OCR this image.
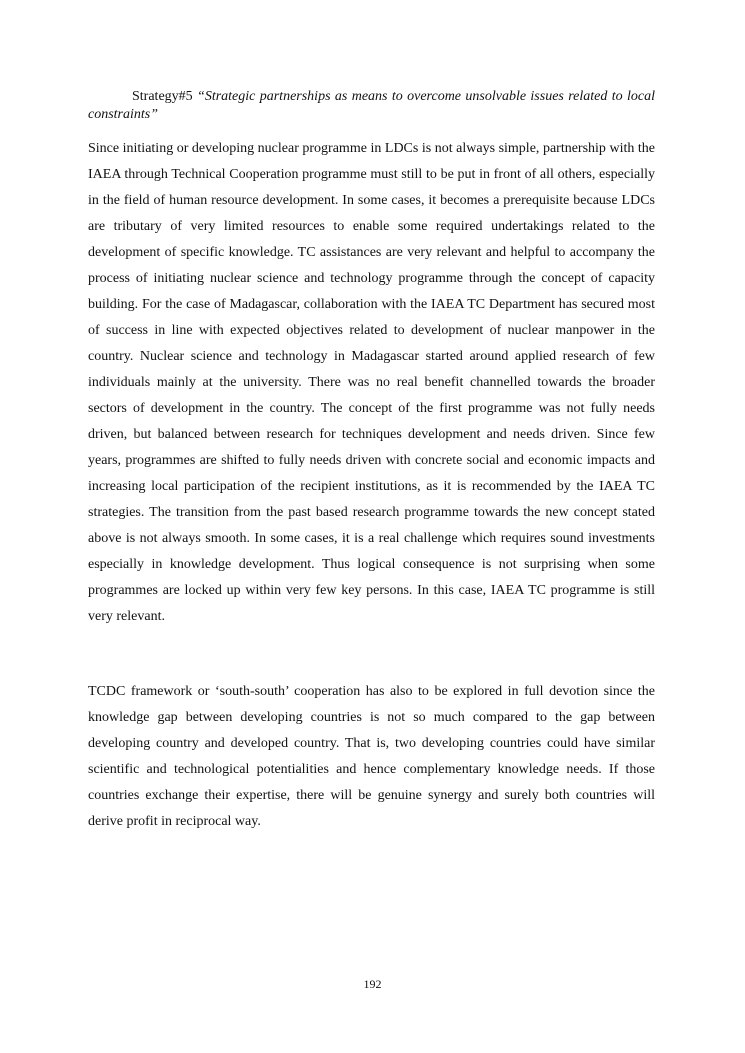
Strategy#5 “Strategic partnerships as means to overcome unsolvable issues related to local constraints”

Since initiating or developing nuclear programme in LDCs is not always simple, partnership with the IAEA through Technical Cooperation programme must still to be put in front of all others, especially in the field of human resource development. In some cases, it becomes a prerequisite because LDCs are tributary of very limited resources to enable some required undertakings related to the development of specific knowledge. TC assistances are very relevant and helpful to accompany the process of initiating nuclear science and technology programme through the concept of capacity building. For the case of Madagascar, collaboration with the IAEA TC Department has secured most of success in line with expected objectives related to development of nuclear manpower in the country. Nuclear science and technology in Madagascar started around applied research of few individuals mainly at the university. There was no real benefit channelled towards the broader sectors of development in the country. The concept of the first programme was not fully needs driven, but balanced between research for techniques development and needs driven. Since few years, programmes are shifted to fully needs driven with concrete social and economic impacts and increasing local participation of the recipient institutions, as it is recommended by the IAEA TC strategies. The transition from the past based research programme towards the new concept stated above is not always smooth. In some cases, it is a real challenge which requires sound investments especially in knowledge development. Thus logical consequence is not surprising when some programmes are locked up within very few key persons. In this case, IAEA TC programme is still very relevant.

TCDC framework or ‘south-south’ cooperation has also to be explored in full devotion since the knowledge gap between developing countries is not so much compared to the gap between developing country and developed country. That is, two developing countries could have similar scientific and technological potentialities and hence complementary knowledge needs. If those countries exchange their expertise, there will be genuine synergy and surely both countries will derive profit in reciprocal way.

192
